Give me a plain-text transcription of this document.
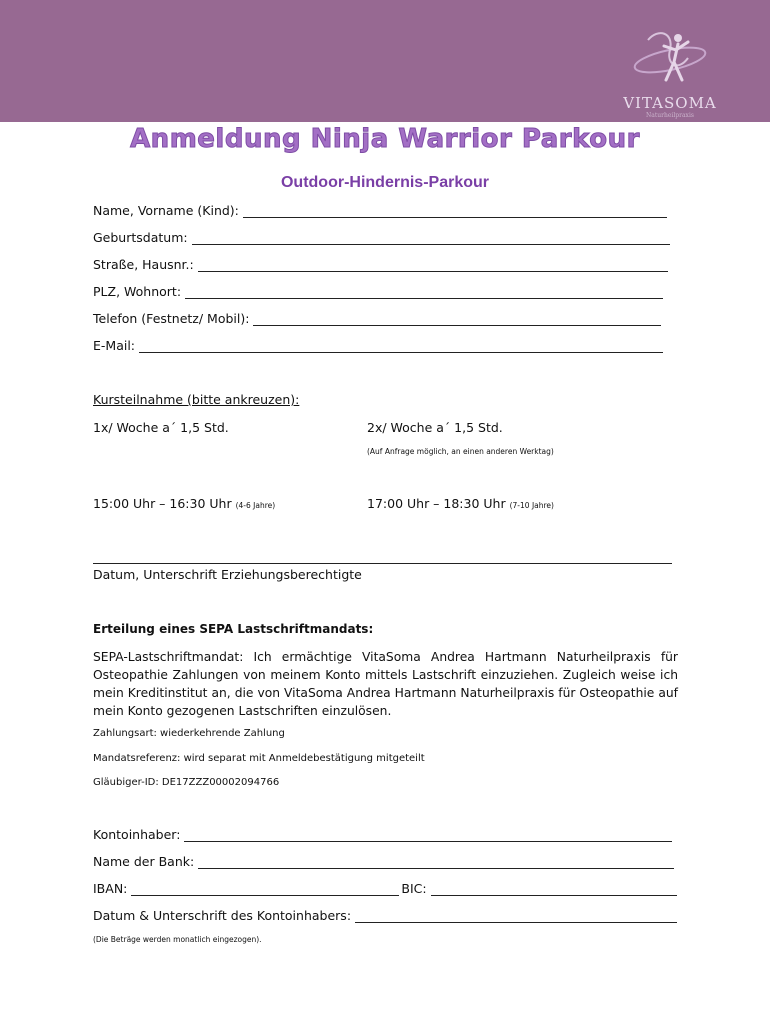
VITASOMA
Naturheilpraxis
Anmeldung Ninja Warrior Parkour
Outdoor-Hindernis-Parkour
Name, Vorname (Kind):
Geburtsdatum:
Straße, Hausnr.:
PLZ, Wohnort:
Telefon (Festnetz/ Mobil):
E-Mail:
Kursteilnahme (bitte ankreuzen):
1x/ Woche a´ 1,5 Std.	2x/ Woche a´ 1,5 Std.
(Auf Anfrage möglich, an einen anderen Werktag)
15:00 Uhr – 16:30 Uhr (4-6 Jahre)	17:00 Uhr – 18:30 Uhr (7-10 Jahre)
Datum, Unterschrift Erziehungsberechtigte
Erteilung eines SEPA Lastschriftmandats:
SEPA-Lastschriftmandat: Ich ermächtige VitaSoma Andrea Hartmann Naturheilpraxis für Osteopathie Zahlungen von meinem Konto mittels Lastschrift einzuziehen. Zugleich weise ich mein Kreditinstitut an, die von VitaSoma Andrea Hartmann Naturheilpraxis für Osteopathie auf mein Konto gezogenen Lastschriften einzulösen.
Zahlungsart: wiederkehrende Zahlung
Mandatsreferenz: wird separat mit Anmeldebestätigung mitgeteilt
Gläubiger-ID: DE17ZZZ00002094766
Kontoinhaber:
Name der Bank:
IBAN:	BIC:
Datum & Unterschrift des Kontoinhabers:
(Die Beträge werden monatlich eingezogen).
